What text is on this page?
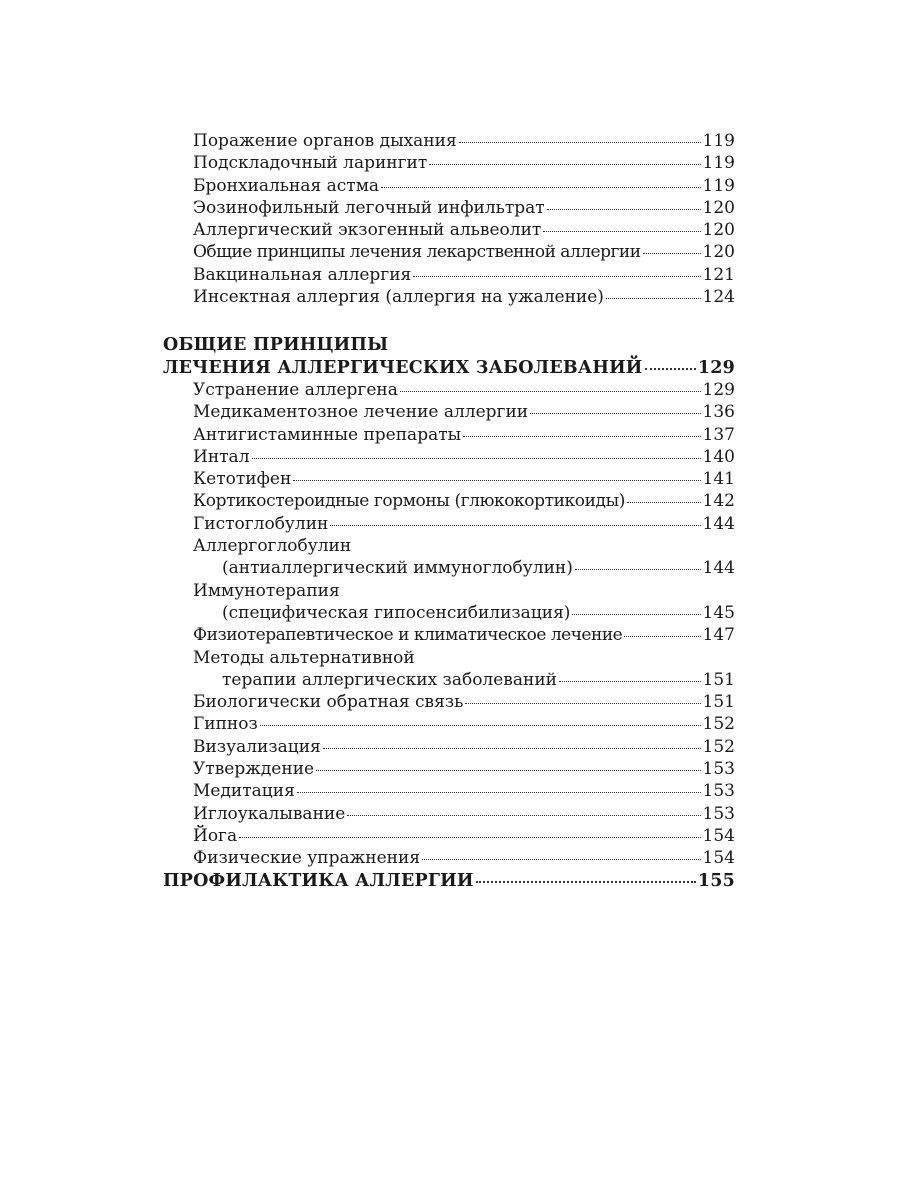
Поражение органов дыхания	119
Подскладочный ларингит	119
Бронхиальная астма	119
Эозинофильный легочный инфильтрат	120
Аллергический экзогенный альвеолит	120
Общие принципы лечения лекарственной аллергии	120
Вакцинальная аллергия	121
Инсектная аллергия (аллергия на ужаление)	124
ОБЩИЕ ПРИНЦИПЫ
ЛЕЧЕНИЯ АЛЛЕРГИЧЕСКИХ ЗАБОЛЕВАНИЙ	129
Устранение аллергена	129
Медикаментозное лечение аллергии	136
Антигистаминные препараты	137
Интал	140
Кетотифен	141
Кортикостероидные гормоны (глюкокортикоиды)	142
Гистоглобулин	144
Аллергоглобулин
(антиаллергический иммуноглобулин)	144
Иммунотерапия
(специфическая гипосенсибилизация)	145
Физиотерапевтическое и климатическое лечение	147
Методы альтернативной
терапии аллергических заболеваний	151
Биологически обратная связь	151
Гипноз	152
Визуализация	152
Утверждение	153
Медитация	153
Иглоукалывание	153
Йога	154
Физические упражнения	154
ПРОФИЛАКТИКА АЛЛЕРГИИ	155
